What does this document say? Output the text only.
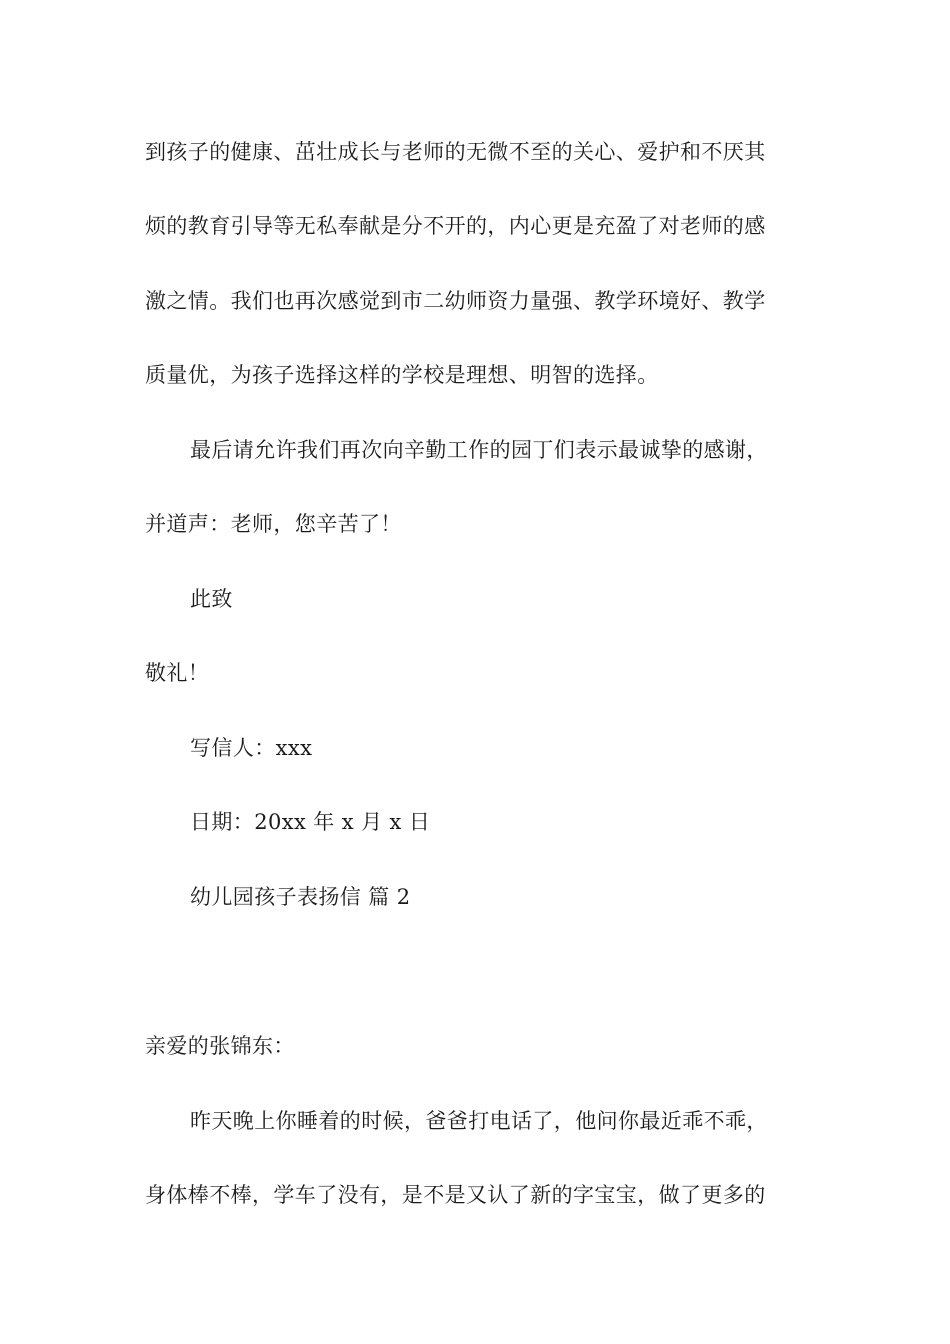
到孩子的健康、茁壮成长与老师的无微不至的关心、爱护和不厌其
烦的教育引导等无私奉献是分不开的，内心更是充盈了对老师的感
激之情。我们也再次感觉到市二幼师资力量强、教学环境好、教学
质量优，为孩子选择这样的学校是理想、明智的选择。
最后请允许我们再次向辛勤工作的园丁们表示最诚挚的感谢，
并道声：老师，您辛苦了！
此致
敬礼！
写信人：xxx
日期：20xx 年 x 月 x 日
幼儿园孩子表扬信 篇 2
亲爱的张锦东：
昨天晚上你睡着的时候，爸爸打电话了，他问你最近乖不乖，
身体棒不棒，学车了没有，是不是又认了新的字宝宝，做了更多的
